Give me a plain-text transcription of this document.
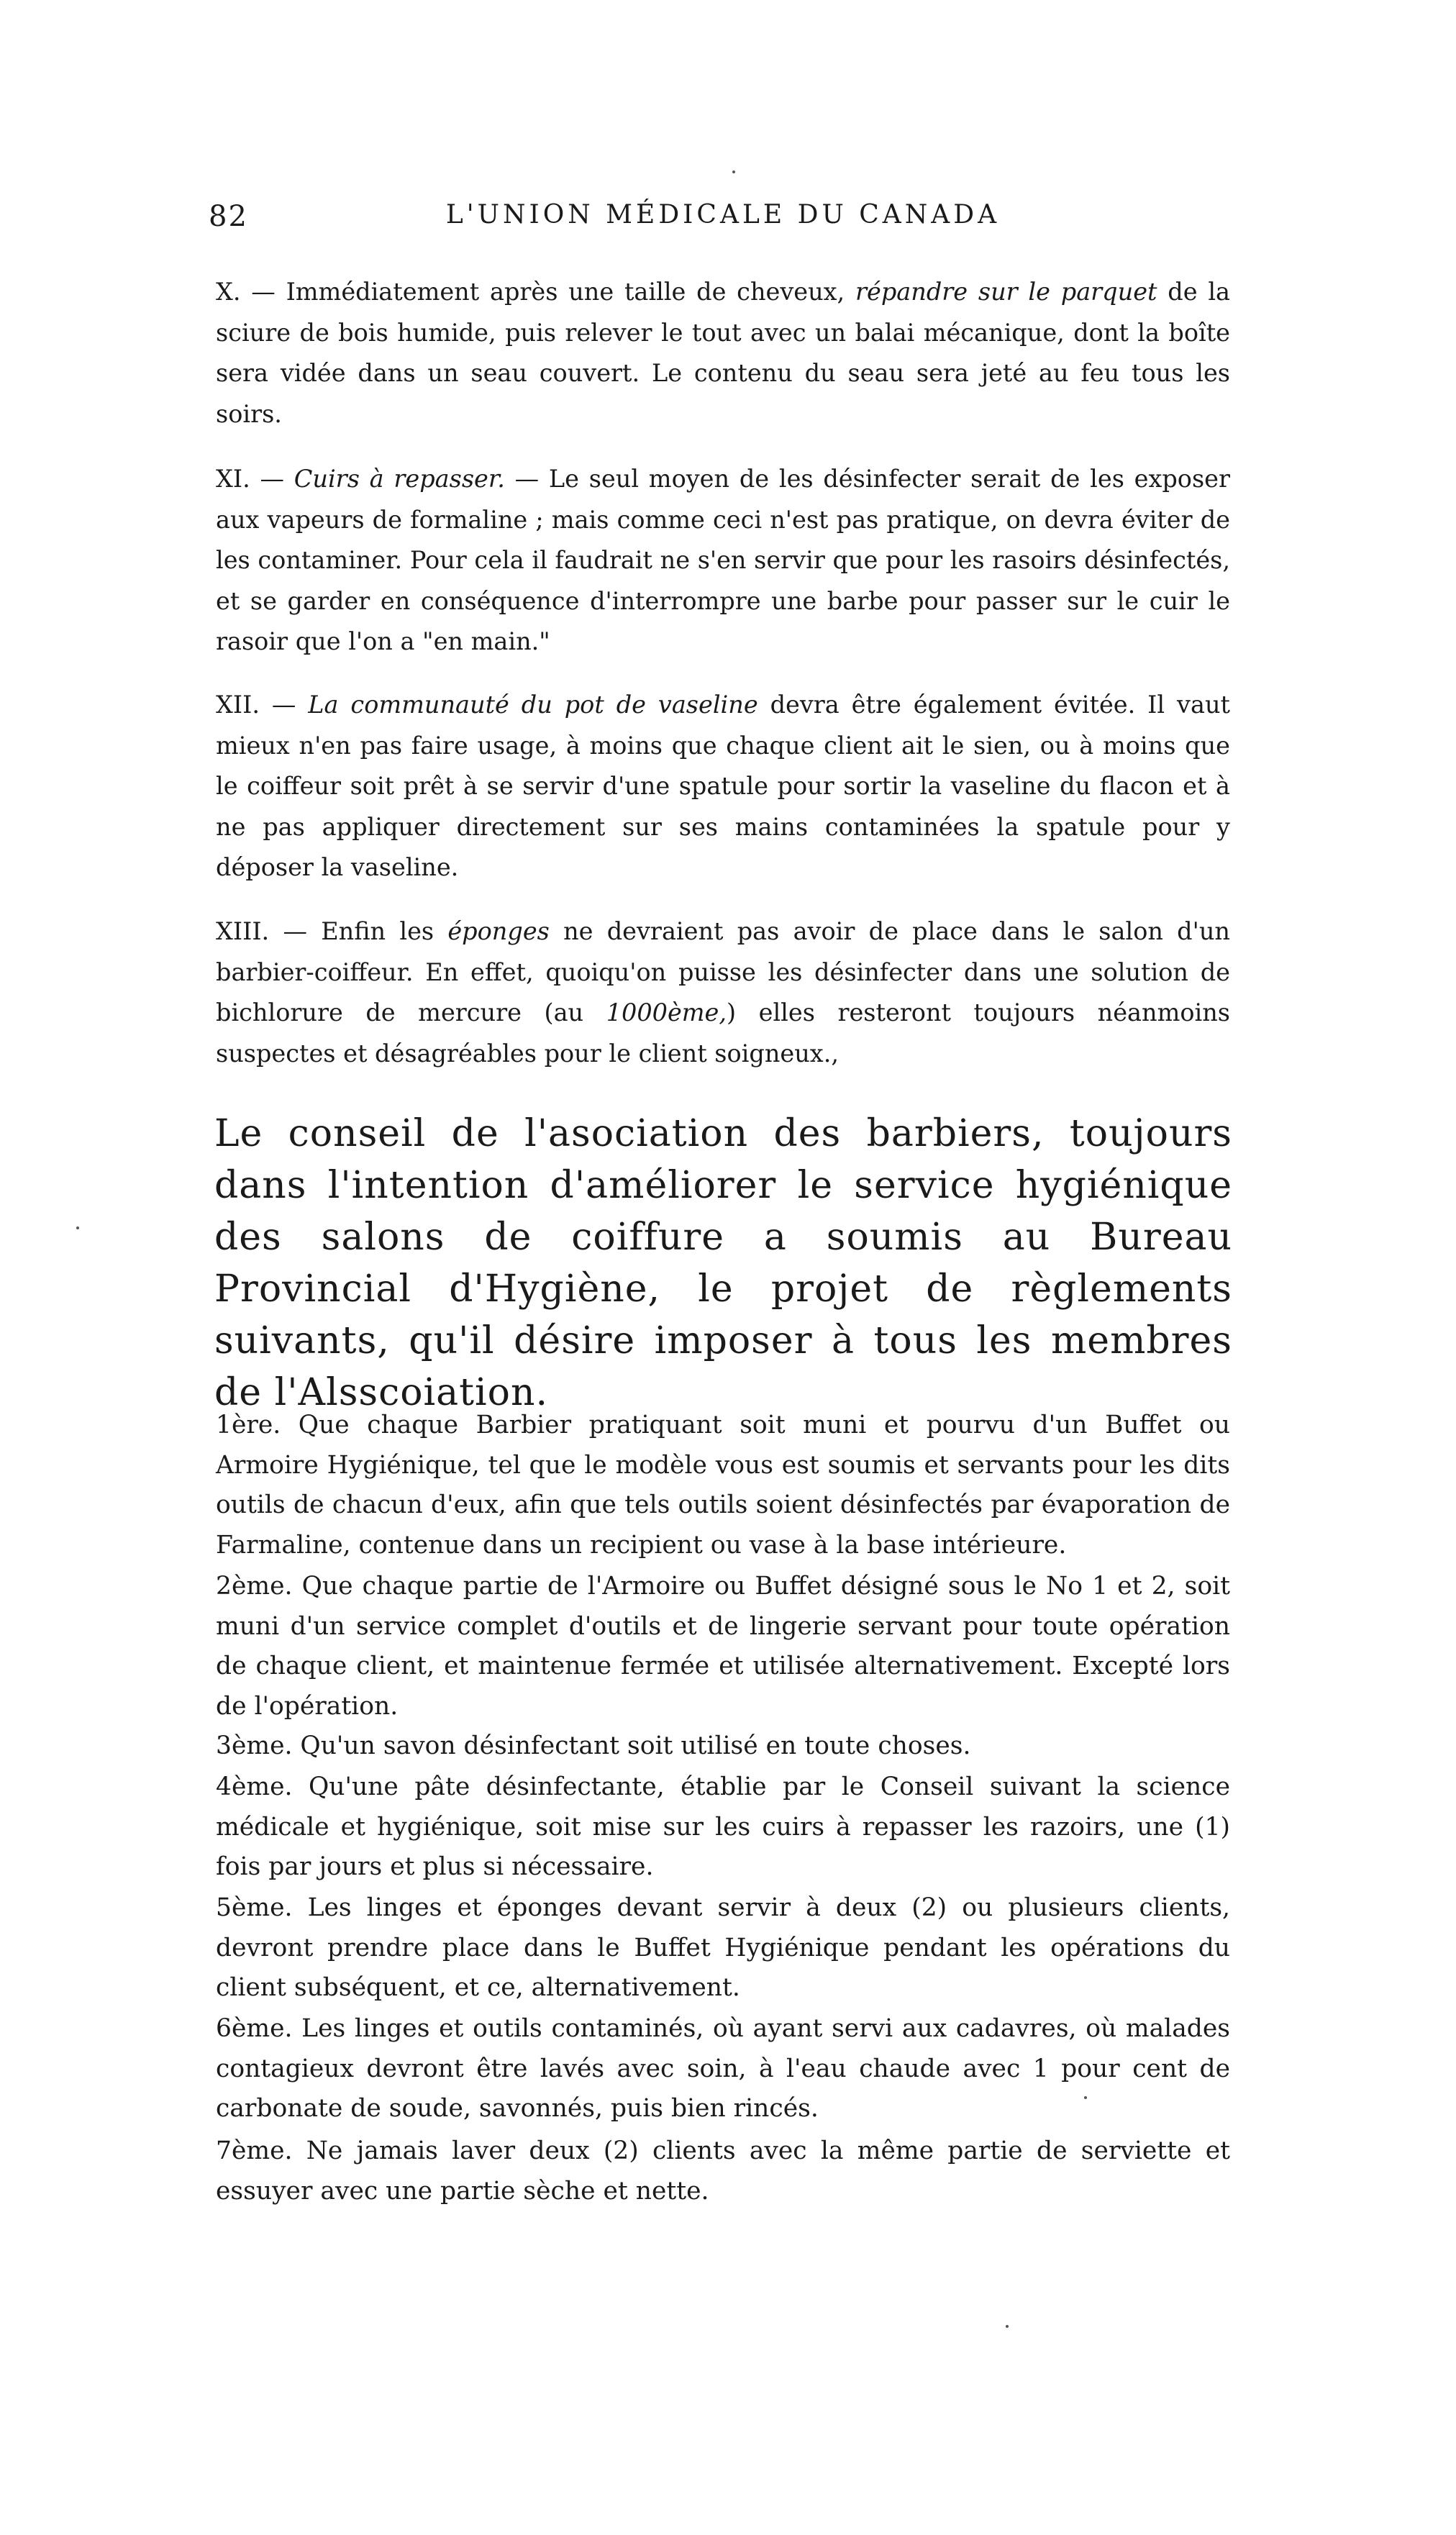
82	L'UNION MÉDICALE DU CANADA

X. — Immédiatement après une taille de cheveux, répandre sur le parquet de la sciure de bois humide, puis relever le tout avec un balai mécanique, dont la boîte sera vidée dans un seau couvert. Le contenu du seau sera jeté au feu tous les soirs.

XI. — Cuirs à repasser. — Le seul moyen de les désinfecter serait de les exposer aux vapeurs de formaline ; mais comme ceci n'est pas pratique, on devra éviter de les contaminer. Pour cela il faudrait ne s'en servir que pour les rasoirs désinfectés, et se garder en conséquence d'interrompre une barbe pour passer sur le cuir le rasoir que l'on a "en main."

XII. — La communauté du pot de vaseline devra être également évitée. Il vaut mieux n'en pas faire usage, à moins que chaque client ait le sien, ou à moins que le coiffeur soit prêt à se servir d'une spatule pour sortir la vaseline du flacon et à ne pas appliquer directement sur ses mains contaminées la spatule pour y déposer la vaseline.

XIII. — Enfin les éponges ne devraient pas avoir de place dans le salon d'un barbier-coiffeur. En effet, quoiqu'on puisse les désinfecter dans une solution de bichlorure de mercure (au 1000ème,) elles resteront toujours néanmoins suspectes et désagréables pour le client soigneux.,

Le conseil de l'asociation des barbiers, toujours dans l'intention d'améliorer le service hygiénique des salons de coiffure a soumis au Bureau Provincial d'Hygiène, le projet de règlements suivants, qu'il désire imposer à tous les membres de l'Alsscoiation.

1ère. Que chaque Barbier pratiquant soit muni et pourvu d'un Buffet ou Armoire Hygiénique, tel que le modèle vous est soumis et servants pour les dits outils de chacun d'eux, afin que tels outils soient désinfectés par évaporation de Farmaline, contenue dans un recipient ou vase à la base intérieure.

2ème. Que chaque partie de l'Armoire ou Buffet désigné sous le No 1 et 2, soit muni d'un service complet d'outils et de lingerie servant pour toute opération de chaque client, et maintenue fermée et utilisée alternativement. Excepté lors de l'opération.

3ème. Qu'un savon désinfectant soit utilisé en toute choses.

4ème. Qu'une pâte désinfectante, établie par le Conseil suivant la science médicale et hygiénique, soit mise sur les cuirs à repasser les razoirs, une (1) fois par jours et plus si nécessaire.

5ème. Les linges et éponges devant servir à deux (2) ou plusieurs clients, devront prendre place dans le Buffet Hygiénique pendant les opérations du client subséquent, et ce, alternativement.

6ème. Les linges et outils contaminés, où ayant servi aux cadavres, où malades contagieux devront être lavés avec soin, à l'eau chaude avec 1 pour cent de carbonate de soude, savonnés, puis bien rincés.

7ème. Ne jamais laver deux (2) clients avec la même partie de serviette et essuyer avec une partie sèche et nette.
